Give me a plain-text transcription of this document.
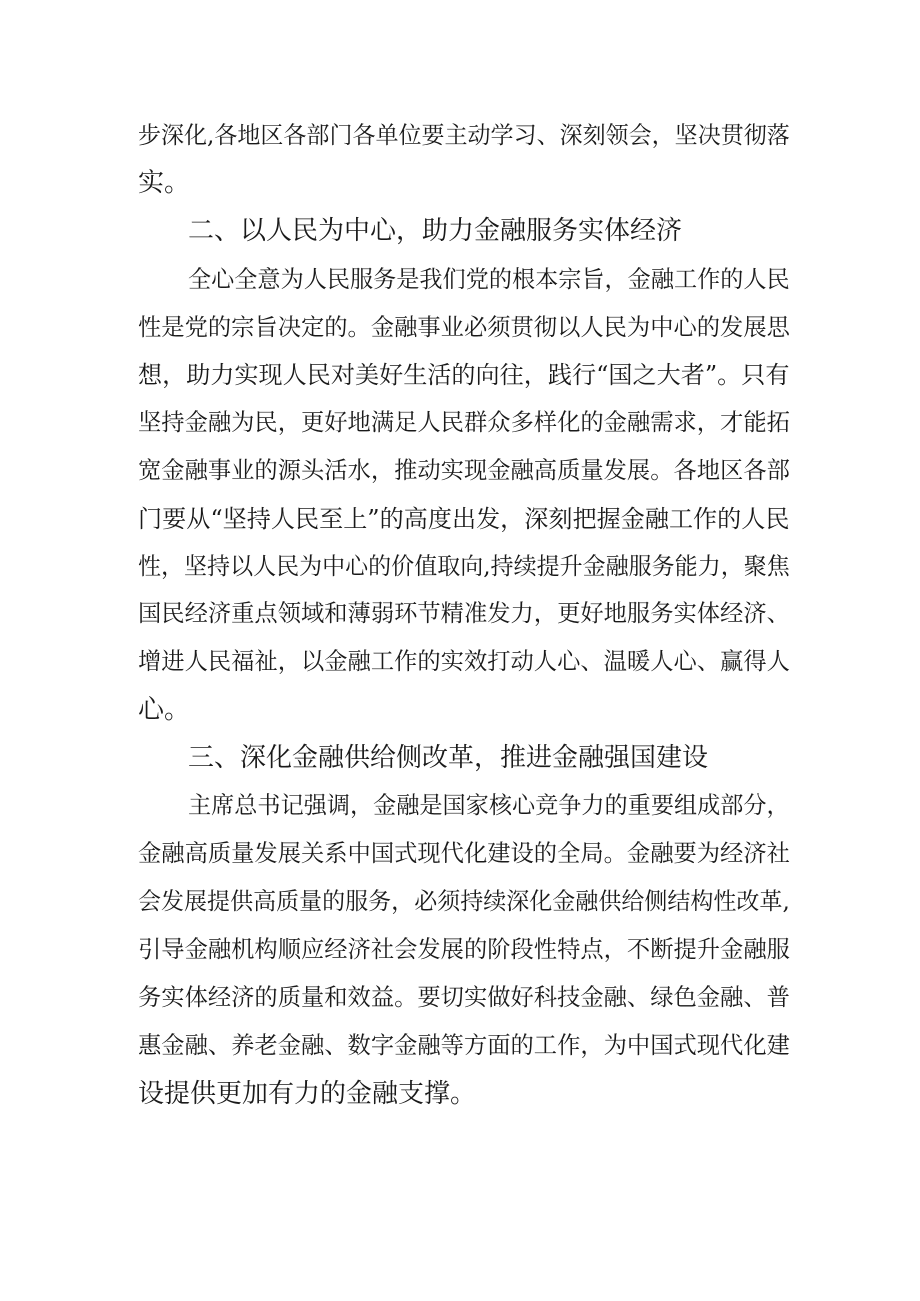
步深化,各地区各部门各单位要主动学习、深刻领会，坚决贯彻落

实。

二、以人民为中心，助力金融服务实体经济

全心全意为人民服务是我们党的根本宗旨，金融工作的人民

性是党的宗旨决定的。金融事业必须贯彻以人民为中心的发展思

想，助力实现人民对美好生活的向往，践行“国之大者”。只有

坚持金融为民，更好地满足人民群众多样化的金融需求，才能拓

宽金融事业的源头活水，推动实现金融高质量发展。各地区各部

门要从“坚持人民至上”的高度出发，深刻把握金融工作的人民

性，坚持以人民为中心的价值取向,持续提升金融服务能力，聚焦

国民经济重点领域和薄弱环节精准发力，更好地服务实体经济、

增进人民福祉，以金融工作的实效打动人心、温暖人心、赢得人

心。

三、深化金融供给侧改革，推进金融强国建设

主席总书记强调，金融是国家核心竞争力的重要组成部分，

金融高质量发展关系中国式现代化建设的全局。金融要为经济社

会发展提供高质量的服务，必须持续深化金融供给侧结构性改革,

引导金融机构顺应经济社会发展的阶段性特点，不断提升金融服

务实体经济的质量和效益。要切实做好科技金融、绿色金融、普

惠金融、养老金融、数字金融等方面的工作，为中国式现代化建

设提供更加有力的金融支撑。
